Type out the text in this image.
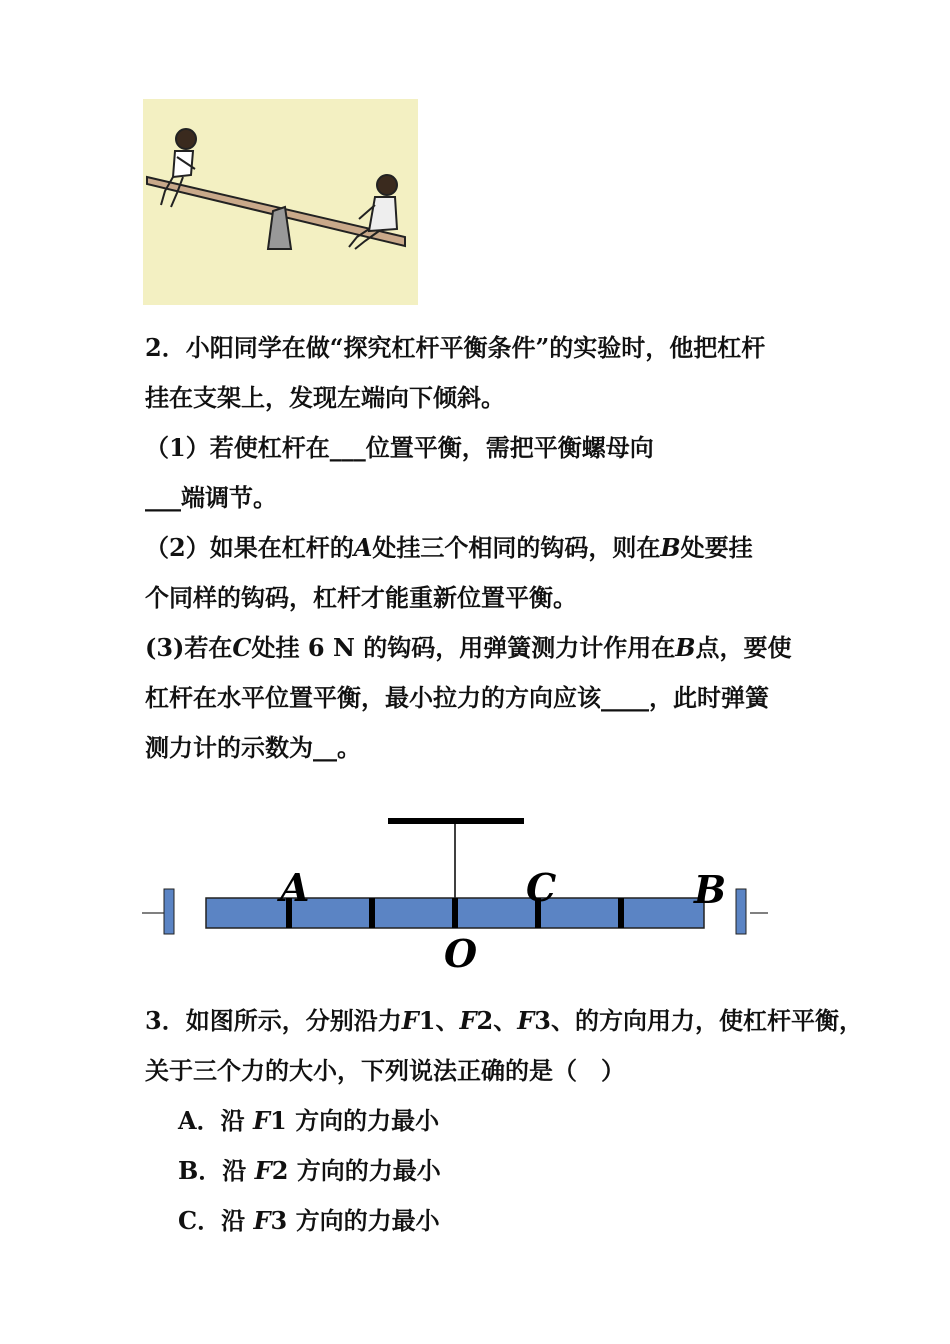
2．小阳同学在做“探究杠杆平衡条件”的实验时，他把杠杆
挂在支架上，发现左端向下倾斜。
（1）若使杠杆在___位置平衡，需把平衡螺母向
___端调节。
（2）如果在杠杆的A处挂三个相同的钩码，则在B处要挂
个同样的钩码，杠杆才能重新位置平衡。
(3)若在C处挂 6 N 的钩码，用弹簧测力计作用在B点，要使
杠杆在水平位置平衡，最小拉力的方向应该____，此时弹簧
测力计的示数为__。
A	C	B
O
3．如图所示，分别沿力F1、F2、F3、的方向用力，使杠杆平衡，
关于三个力的大小，下列说法正确的是（　）
A．沿 F1 方向的力最小
B．沿 F2 方向的力最小
C．沿 F3 方向的力最小
